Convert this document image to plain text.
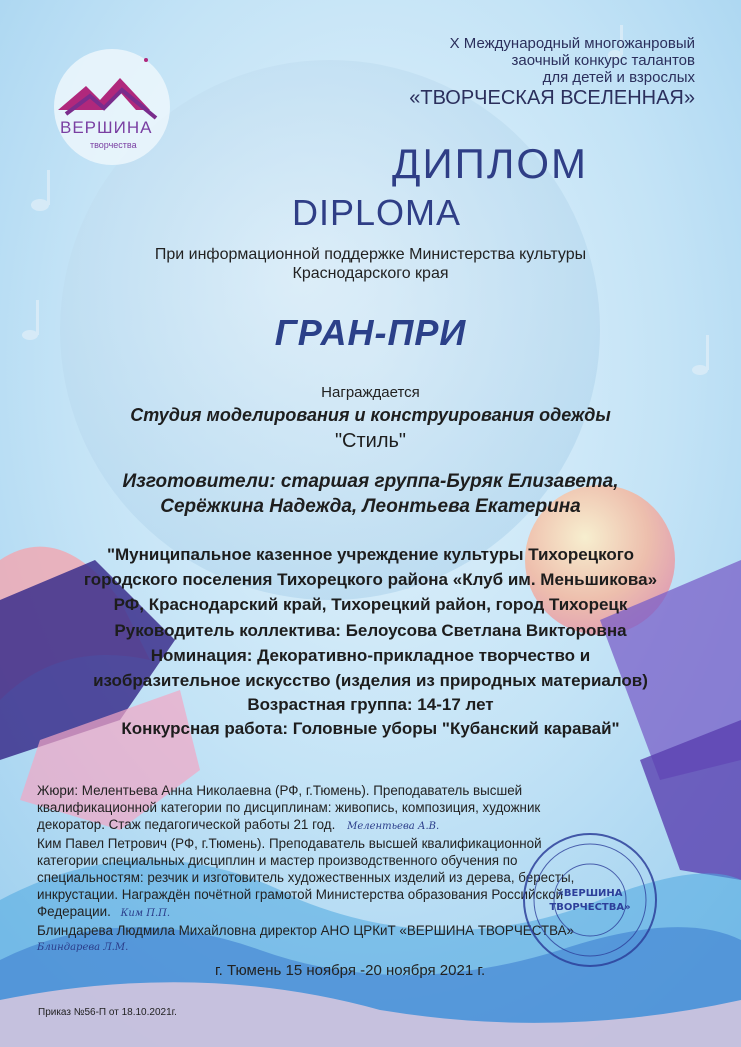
ВЕРШИНА
творчества
X Международный многожанровый
заочный конкурс талантов
для детей и взрослых
«ТВОРЧЕСКАЯ ВСЕЛЕННАЯ»
ДИПЛОМ
DIPLOMA
При информационной поддержке Министерства культуры
Краснодарского края
ГРАН-ПРИ
Награждается
Студия моделирования и конструирования одежды
"Стиль"
Изготовители: старшая группа-Буряк Елизавета,
Серёжкина Надежда, Леонтьева Екатерина
"Муниципальное казенное учреждение культуры Тихорецкого
городского поселения Тихорецкого района «Клуб им. Меньшикова»
РФ, Краснодарский край, Тихорецкий район, город Тихорецк
Руководитель коллектива: Белоусова Светлана Викторовна
Номинация: Декоративно-прикладное творчество и
изобразительное искусство (изделия из природных материалов)
Возрастная группа: 14-17 лет
Конкурсная работа: Головные уборы "Кубанский каравай"
Жюри: Мелентьева Анна Николаевна (РФ, г.Тюмень). Преподаватель высшей
квалификационной категории по дисциплинам: живопись, композиция, художник
декоратор. Стаж педагогической работы 21 год. Мелентьева А.В.
Ким Павел Петрович (РФ, г.Тюмень). Преподаватель высшей квалификационной
категории специальных дисциплин и мастер производственного обучения по
специальностям: резчик и изготовитель художественных изделий из дерева, бересты,
инкрустации. Награждён почётной грамотой Министерства образования Российской
Федерации. Ким П.П.
Блиндарева Людмила Михайловна директор АНО ЦРКиТ «ВЕРШИНА ТВОРЧЕСТВА»
Блиндарева Л.М.
«ВЕРШИНА
ТВОРЧЕСТВА»
г. Тюмень 15 ноября -20 ноября 2021 г.
Приказ №56-П от 18.10.2021г.
